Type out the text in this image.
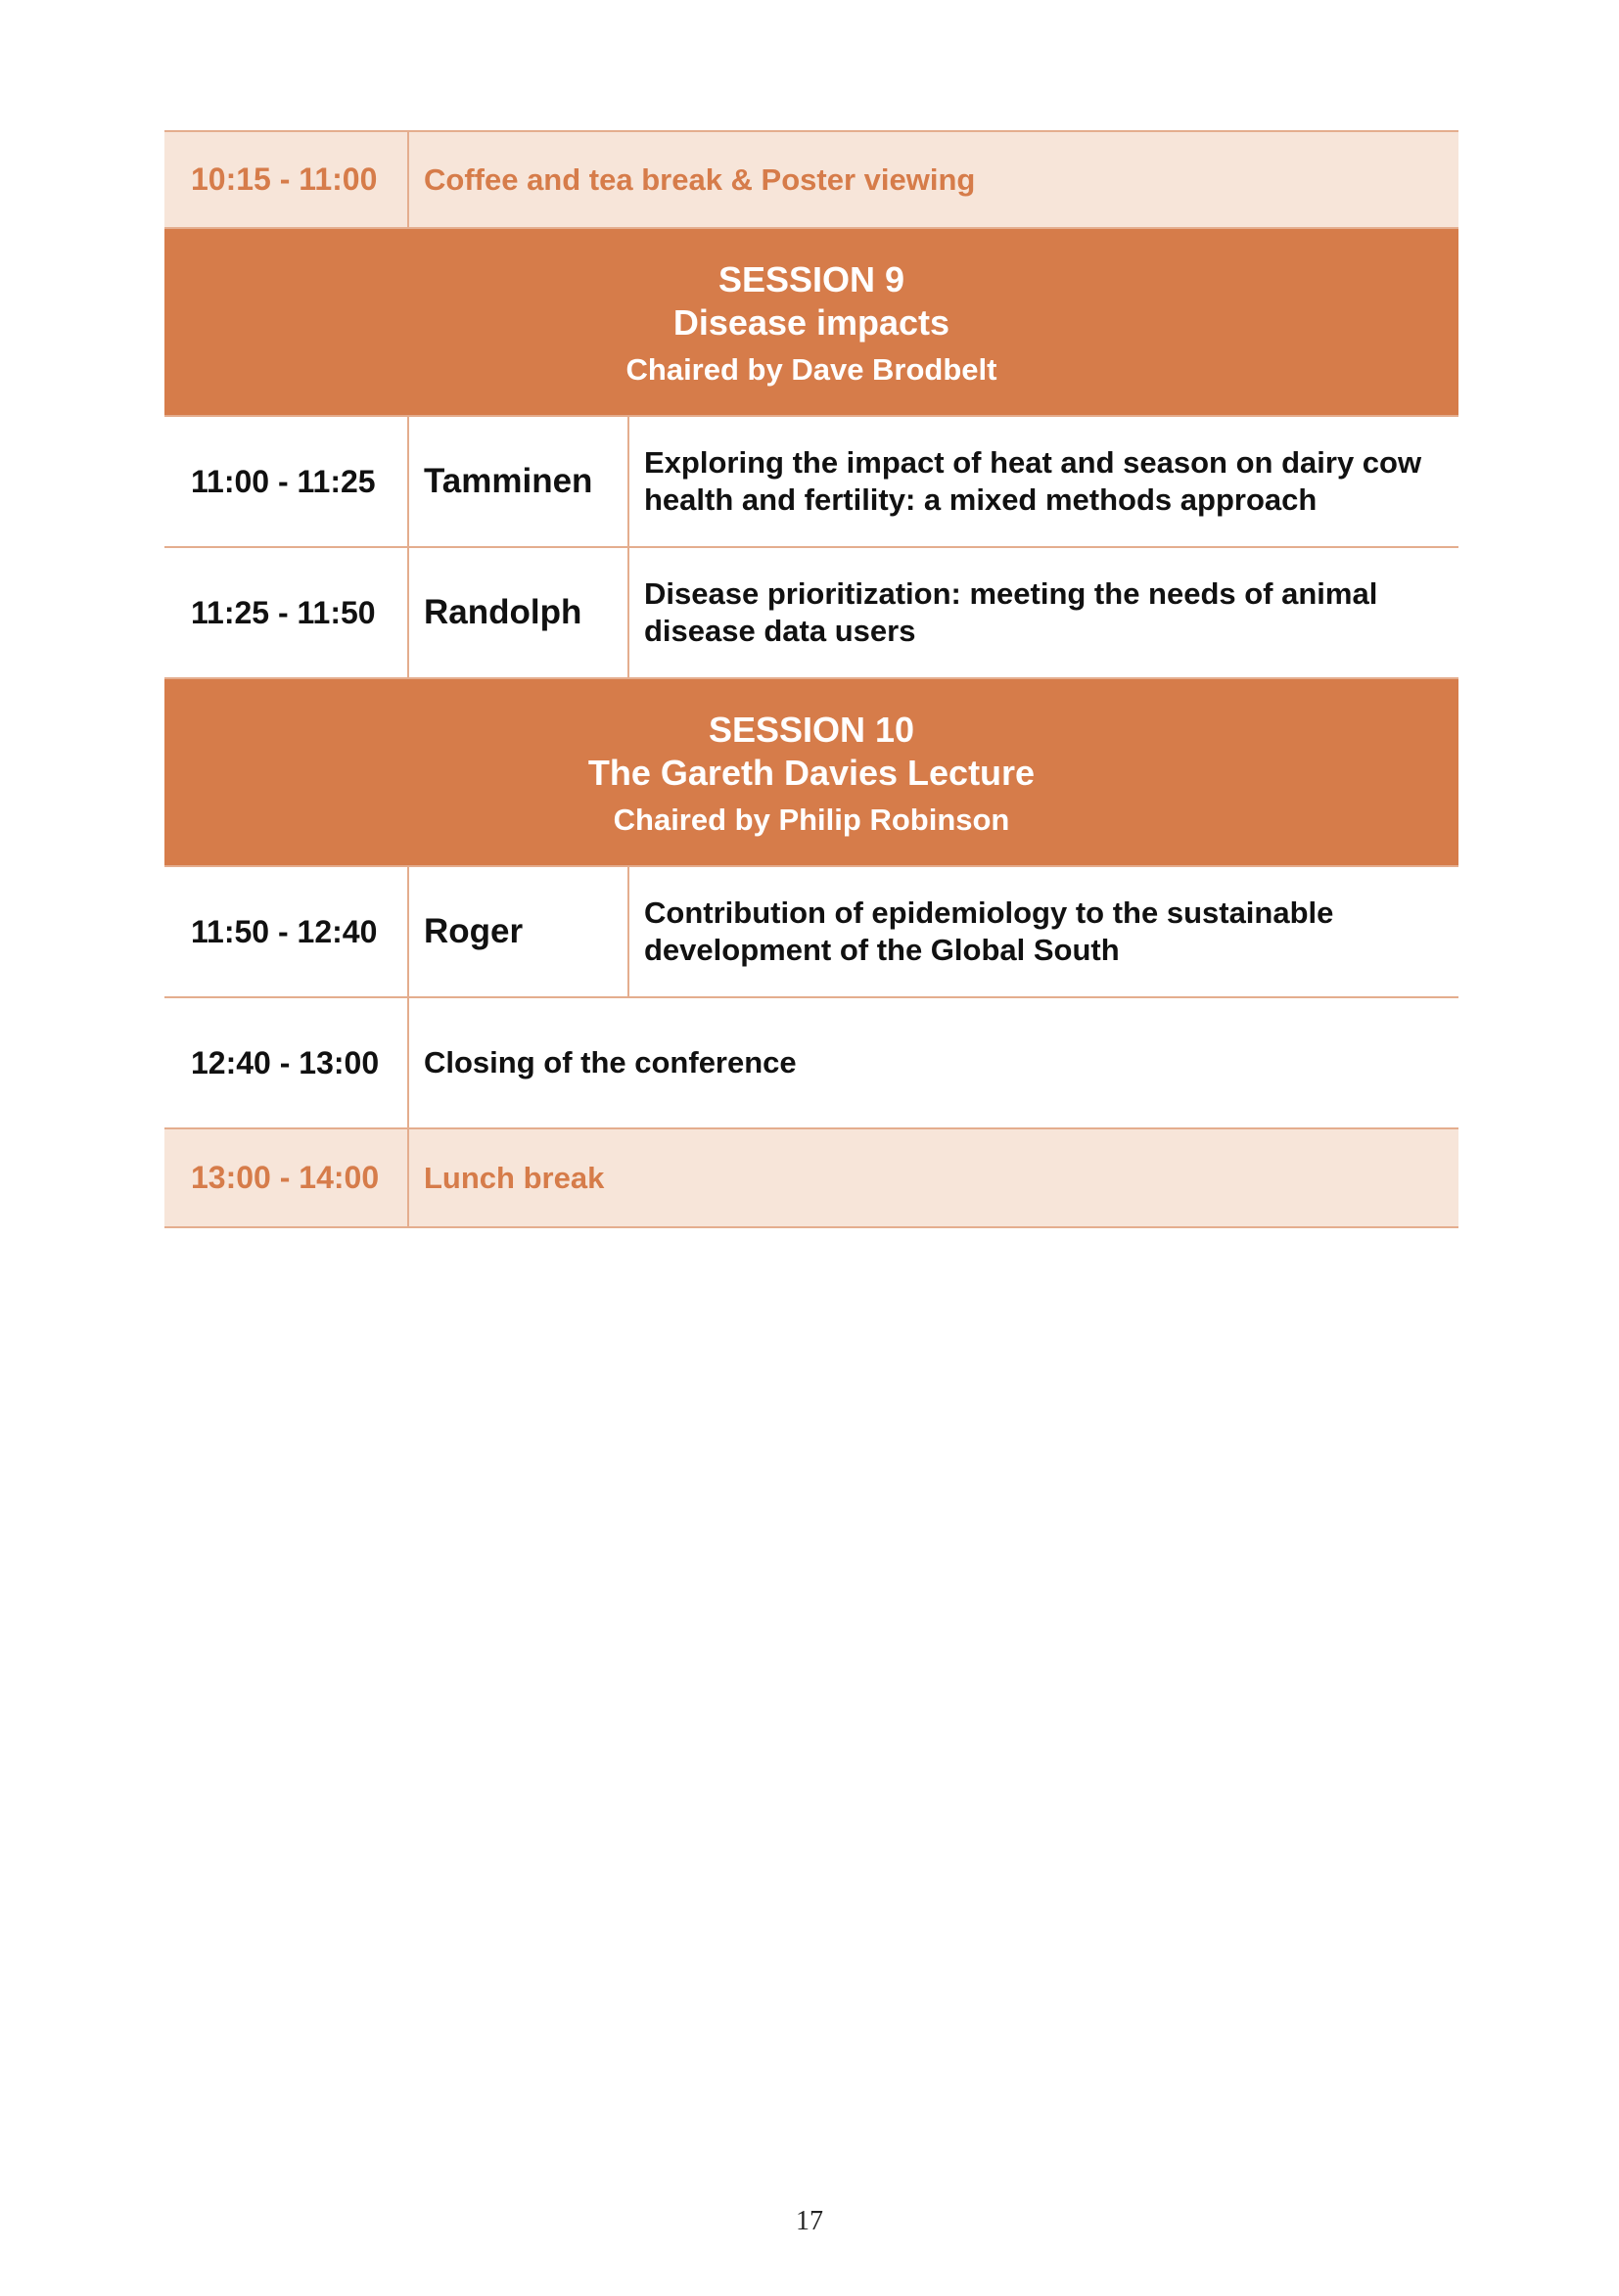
10:15 - 11:00	Coffee and tea break & Poster viewing
SESSION 9
Disease impacts
Chaired by Dave Brodbelt
11:00 - 11:25	Tamminen	Exploring the impact of heat and season on dairy cow health and fertility: a mixed methods approach
11:25 - 11:50	Randolph	Disease prioritization: meeting the needs of animal disease data users
SESSION 10
The Gareth Davies Lecture
Chaired by Philip Robinson
11:50 - 12:40	Roger	Contribution of epidemiology to the sustainable development of the Global South
12:40 - 13:00	Closing of the conference
13:00 - 14:00	Lunch break
17
